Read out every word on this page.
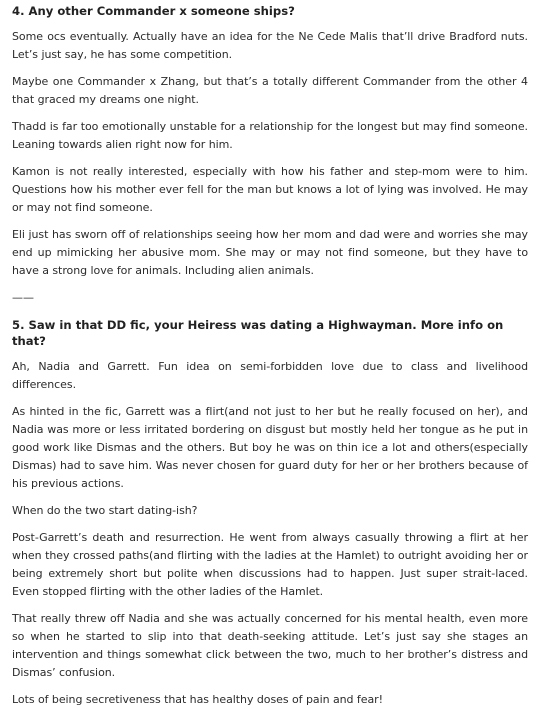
4. Any other Commander x someone ships?
Some ocs eventually. Actually have an idea for the Ne Cede Malis that’ll drive Bradford nuts. Let’s just say, he has some competition.
Maybe one Commander x Zhang, but that’s a totally different Commander from the other 4 that graced my dreams one night.
Thadd is far too emotionally unstable for a relationship for the longest but may find someone. Leaning towards alien right now for him.
Kamon is not really interested, especially with how his father and step-mom were to him. Questions how his mother ever fell for the man but knows a lot of lying was involved. He may or may not find someone.
Eli just has sworn off of relationships seeing how her mom and dad were and worries she may end up mimicking her abusive mom. She may or may not find someone, but they have to have a strong love for animals. Including alien animals.
——
5. Saw in that DD fic, your Heiress was dating a Highwayman. More info on that?
Ah, Nadia and Garrett. Fun idea on semi-forbidden love due to class and livelihood differences.
As hinted in the fic, Garrett was a flirt(and not just to her but he really focused on her), and Nadia was more or less irritated bordering on disgust but mostly held her tongue as he put in good work like Dismas and the others. But boy he was on thin ice a lot and others(especially Dismas) had to save him. Was never chosen for guard duty for her or her brothers because of his previous actions.
When do the two start dating-ish?
Post-Garrett’s death and resurrection. He went from always casually throwing a flirt at her when they crossed paths(and flirting with the ladies at the Hamlet) to outright avoiding her or being extremely short but polite when discussions had to happen. Just super strait-laced. Even stopped flirting with the other ladies of the Hamlet.
That really threw off Nadia and she was actually concerned for his mental health, even more so when he started to slip into that death-seeking attitude. Let’s just say she stages an intervention and things somewhat click between the two, much to her brother’s distress and Dismas’ confusion.
Lots of being secretiveness that has healthy doses of pain and fear!
